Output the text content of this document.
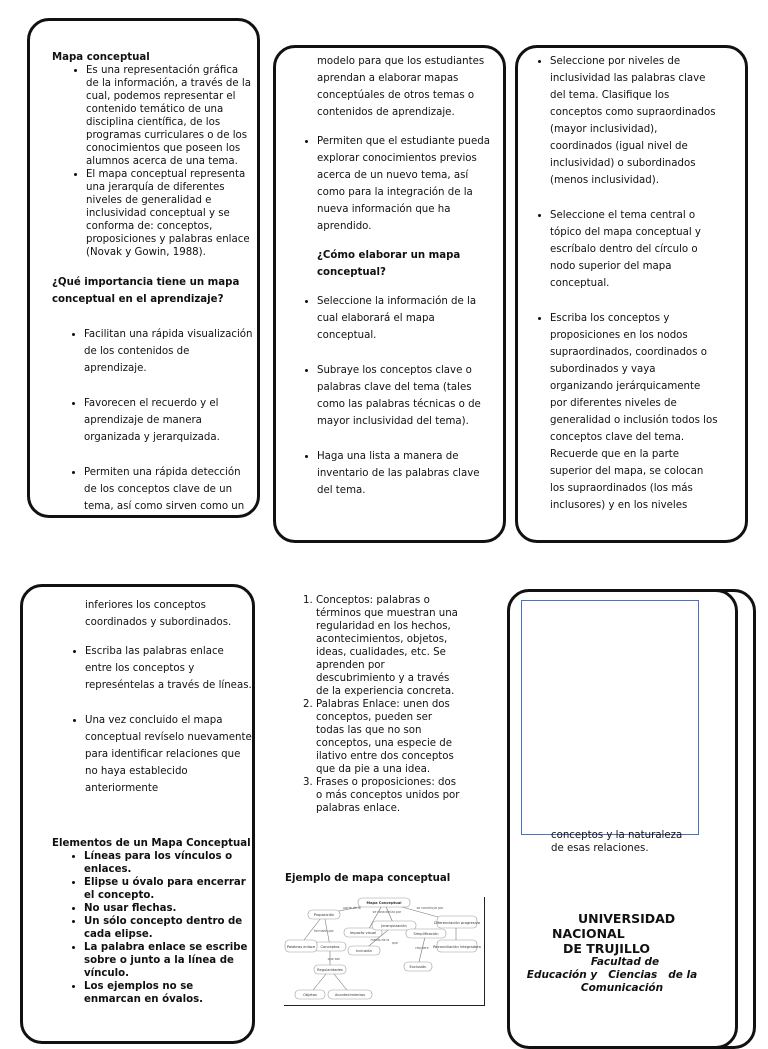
Mapa conceptual
• Es una representación gráfica de la información, a través de la cual, podemos representar el contenido temático de una disciplina científica, de los programas curriculares o de los conocimientos que poseen los alumnos acerca de una tema.
• El mapa conceptual representa una jerarquía de diferentes niveles de generalidad e inclusividad conceptual y se conforma de: conceptos, proposiciones y palabras enlace (Novak y Gowin, 1988).
¿Qué importancia tiene un mapa conceptual en el aprendizaje?
• Facilitan una rápida visualización de los contenidos de aprendizaje.
• Favorecen el recuerdo y el aprendizaje de manera organizada y jerarquizada.
• Permiten una rápida detección de los conceptos clave de un tema, así como sirven como un
modelo para que los estudiantes aprendan a elaborar mapas conceptúales de otros temas o contenidos de aprendizaje.
• Permiten que el estudiante pueda explorar conocimientos previos acerca de un nuevo tema, así como para la integración de la nueva información que ha aprendido.
¿Cómo elaborar un mapa conceptual?
• Seleccione la información de la cual elaborará el mapa conceptual.
• Subraye los conceptos clave o palabras clave del tema (tales como las palabras técnicas o de mayor inclusividad del tema).
• Haga una lista a manera de inventario de las palabras clave del tema.
• Seleccione por niveles de inclusividad las palabras clave del tema. Clasifique los conceptos como supraordinados (mayor inclusividad), coordinados (igual nivel de inclusividad) o subordinados (menos inclusividad).
• Seleccione el tema central o tópico del mapa conceptual y escríbalo dentro del círculo o nodo superior del mapa conceptual.
• Escriba los conceptos y proposiciones en los nodos supraordinados, coordinados o subordinados y vaya organizando jerárquicamente por diferentes niveles de generalidad o inclusión todos los conceptos clave del tema. Recuerde que en la parte superior del mapa, se colocan los supraordinados (los más inclusores) y en los niveles
inferiores los conceptos coordinados y subordinados.
• Escriba las palabras enlace entre los conceptos y represéntelas a través de líneas.
• Una vez concluido el mapa conceptual revíselo nuevamente para identificar relaciones que no haya establecido anteriormente
Elementos de un Mapa Conceptual
• Líneas para los vínculos o enlaces.
• Elipse u óvalo para encerrar el concepto.
• No usar flechas.
• Un sólo concepto dentro de cada elipse.
• La palabra enlace se escribe sobre o junto a la línea de vínculo.
• Los ejemplos no se enmarcan en óvalos.
1. Conceptos: palabras o términos que muestran una regularidad en los hechos, acontecimientos, objetos, ideas, cualidades, etc. Se aprenden por descubrimiento y a través de la experiencia concreta.
2. Palabras Enlace: unen dos conceptos, pueden ser todas las que no son conceptos, una especie de ilativo entre dos conceptos que da pie a una idea.
3. Frases o proposiciones: dos o más conceptos unidos por palabras enlace.
Ejemplo de mapa conceptual
Mapa Conceptual
Proposición
Conceptos
Palabras enlace
Regularidades
Objetos	Acontecimientos
Impacto visual
Jerarquización
Simplificación
Inclusión
Exclusión
Diferenciación progresiva
Reconciliación integradora
parte de la
se caracteriza por
se construye por
formada por
que son
medio de la
requiere
que
conceptos y la naturaleza de esas relaciones.
UNIVERSIDAD
NACIONAL
DE TRUJILLO
Facultad de
Educación y   Ciencias   de la
Comunicación
